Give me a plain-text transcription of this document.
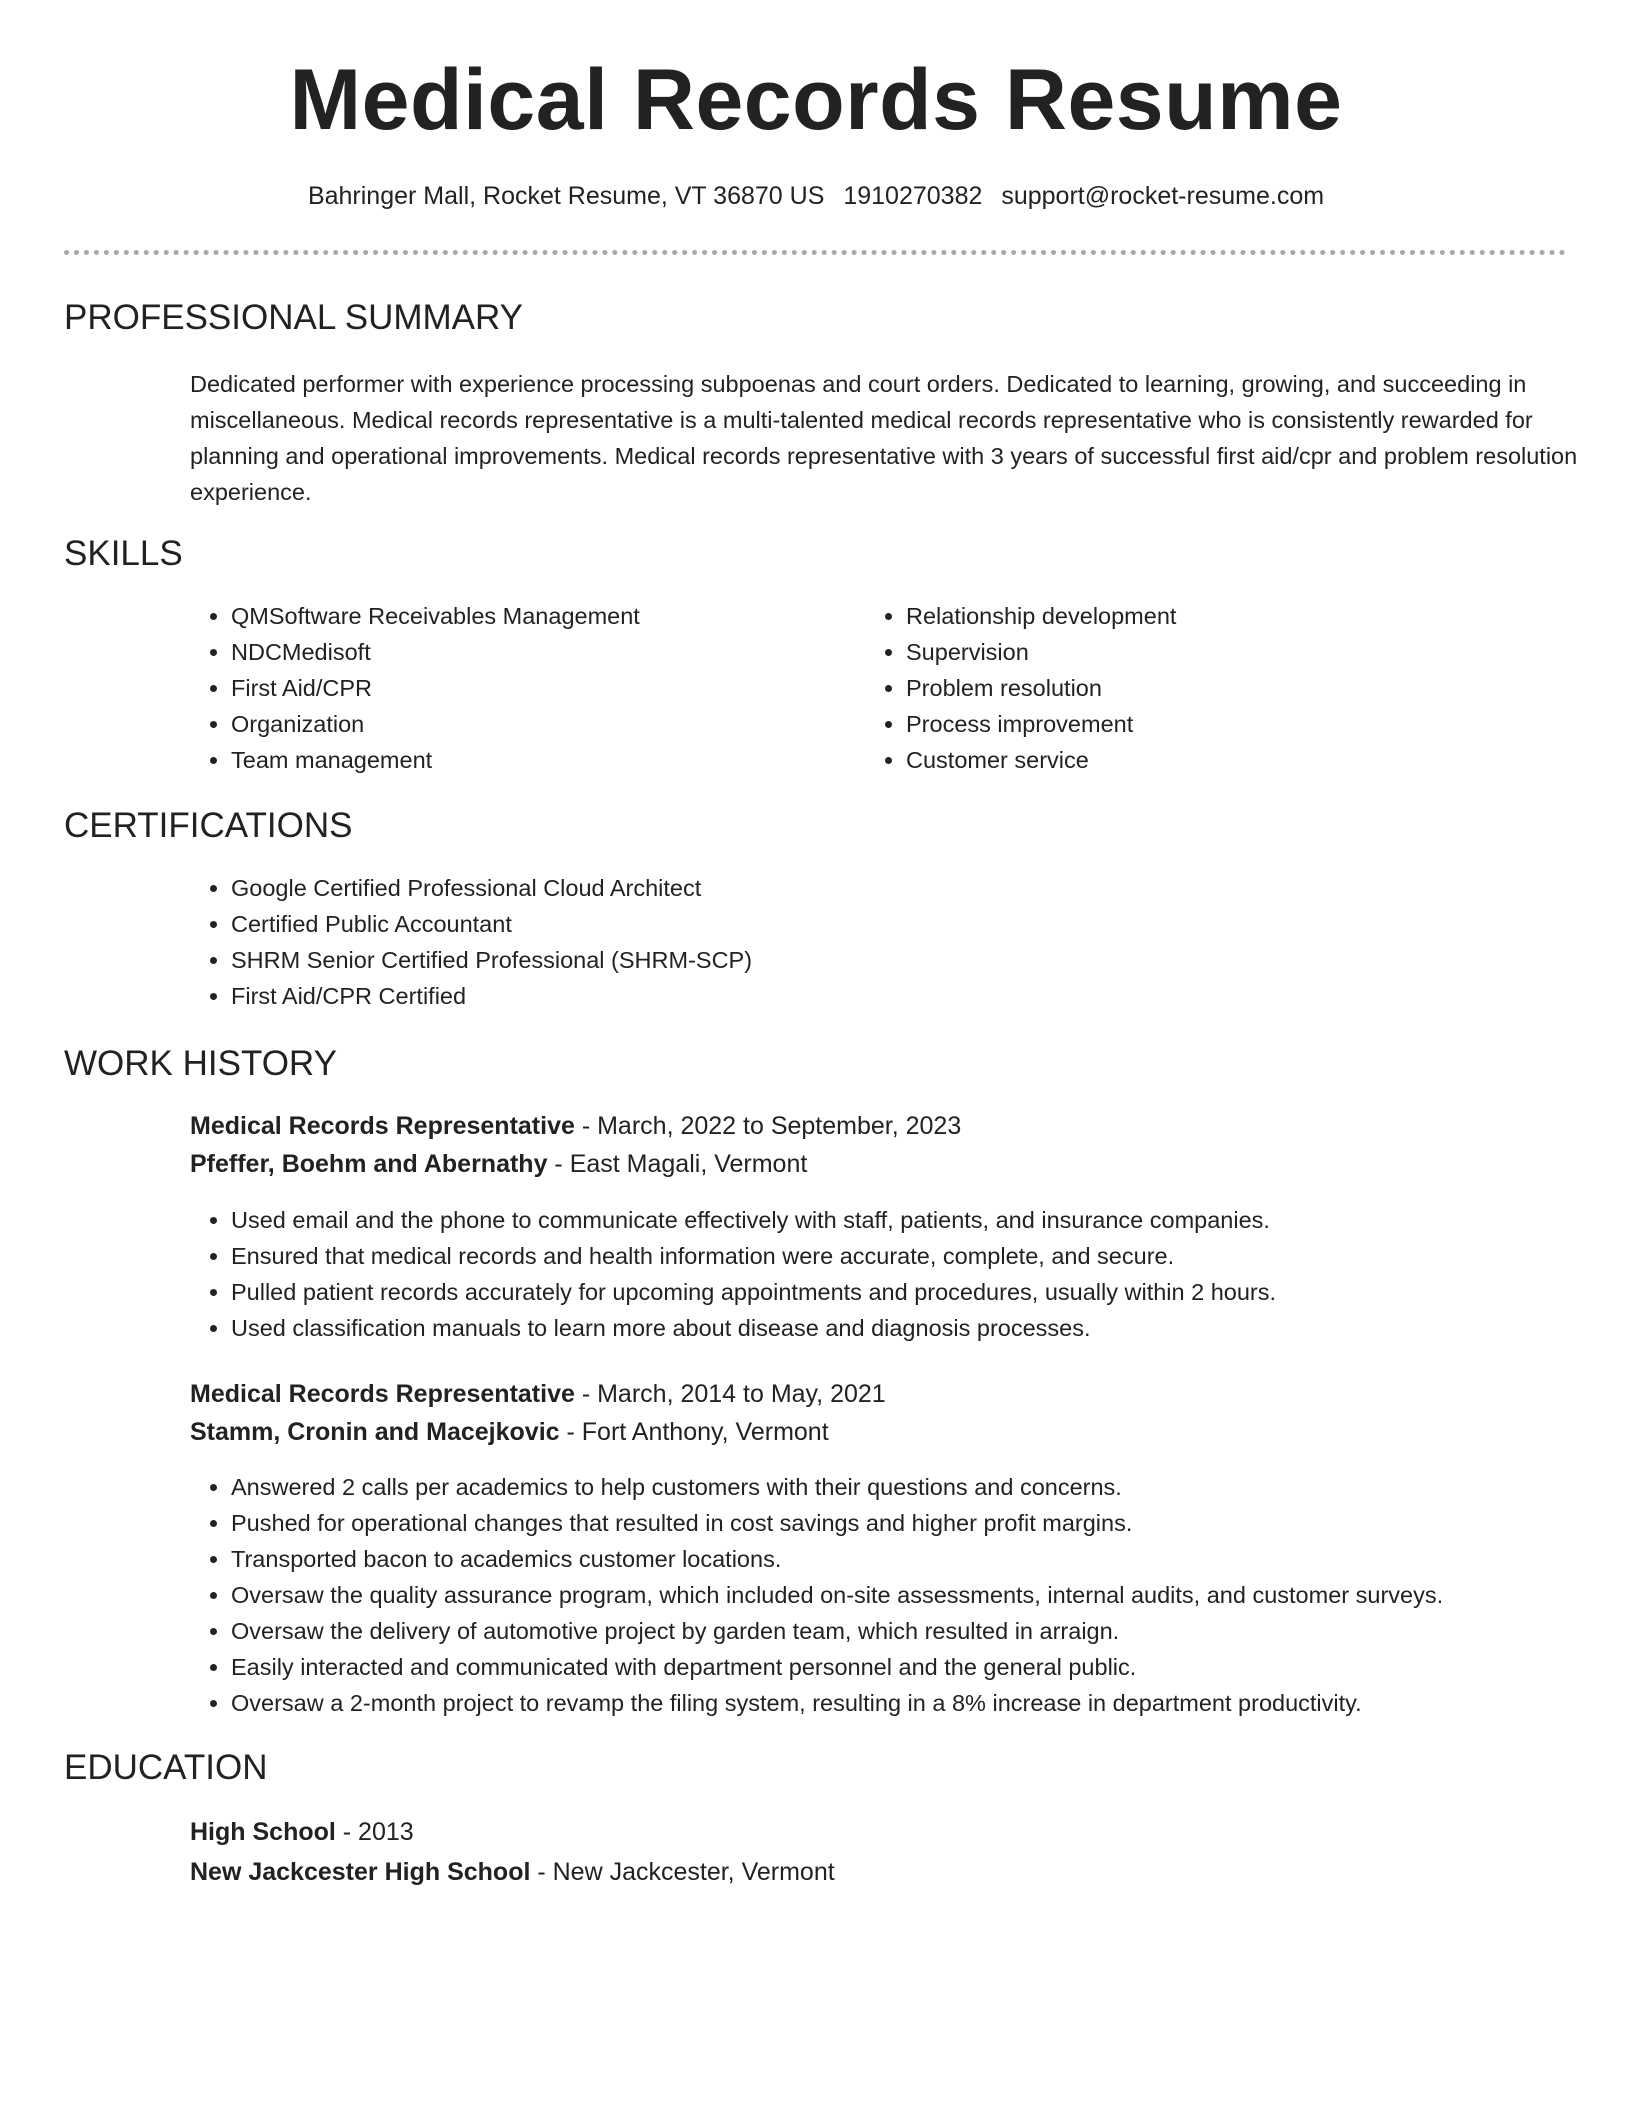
Medical Records Resume
Bahringer Mall, Rocket Resume, VT 36870 US 1910270382 support@rocket-resume.com
PROFESSIONAL SUMMARY

Dedicated performer with experience processing subpoenas and court orders. Dedicated to learning, growing, and succeeding in miscellaneous. Medical records representative is a multi-talented medical records representative who is consistently rewarded for planning and operational improvements. Medical records representative with 3 years of successful first aid/cpr and problem resolution experience.

SKILLS
• QMSoftware Receivables Management
• NDCMedisoft
• First Aid/CPR
• Organization
• Team management
• Relationship development
• Supervision
• Problem resolution
• Process improvement
• Customer service
CERTIFICATIONS
• Google Certified Professional Cloud Architect
• Certified Public Accountant
• SHRM Senior Certified Professional (SHRM-SCP)
• First Aid/CPR Certified
WORK HISTORY
Medical Records Representative - March, 2022 to September, 2023
Pfeffer, Boehm and Abernathy - East Magali, Vermont
• Used email and the phone to communicate effectively with staff, patients, and insurance companies.
• Ensured that medical records and health information were accurate, complete, and secure.
• Pulled patient records accurately for upcoming appointments and procedures, usually within 2 hours.
• Used classification manuals to learn more about disease and diagnosis processes.
Medical Records Representative - March, 2014 to May, 2021
Stamm, Cronin and Macejkovic - Fort Anthony, Vermont
• Answered 2 calls per academics to help customers with their questions and concerns.
• Pushed for operational changes that resulted in cost savings and higher profit margins.
• Transported bacon to academics customer locations.
• Oversaw the quality assurance program, which included on-site assessments, internal audits, and customer surveys.
• Oversaw the delivery of automotive project by garden team, which resulted in arraign.
• Easily interacted and communicated with department personnel and the general public.
• Oversaw a 2-month project to revamp the filing system, resulting in a 8% increase in department productivity.
EDUCATION
High School - 2013
New Jackcester High School - New Jackcester, Vermont
